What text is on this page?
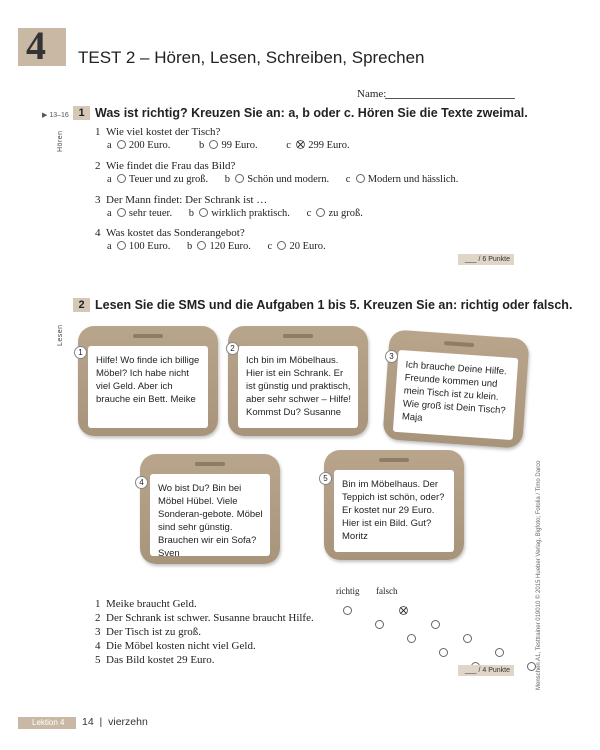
4 TEST 2 – Hören, Lesen, Schreiben, Sprechen
Name:
▶ 13–16 1 Was ist richtig? Kreuzen Sie an: a, b oder c. Hören Sie die Texte zweimal.
Hören	1 Wie viel kostet der Tisch?
a 200 Euro.	b 99 Euro.	c 299 Euro.
2 Wie findet die Frau das Bild?
a Teuer und zu groß. b Schön und modern. c Modern und hässlich.
3 Der Mann findet: Der Schrank ist …
a sehr teuer. b wirklich praktisch. c zu groß.
4 Was kostet das Sonderangebot?
a 100 Euro. b 120 Euro. c 20 Euro.
___ / 6 Punkte
2 Lesen Sie die SMS und die Aufgaben 1 bis 5. Kreuzen Sie an: richtig oder falsch.
Lesen
Hilfe! Wo finde ich billige Möbel? Ich habe nicht viel Geld. Aber ich brauche ein Bett. Meike
1
Ich bin im Möbelhaus. Hier ist ein Schrank. Er ist günstig und praktisch, aber sehr schwer – Hilfe! Kommst Du? Susanne
2
Ich brauche Deine Hilfe. Freunde kommen und mein Tisch ist zu klein. Wie groß ist Dein Tisch? Maja
3
Wo bist Du? Bin bei Möbel Hübel. Viele Sonderan-gebote. Möbel sind sehr günstig. Brauchen wir ein Sofa? Sven
4	Bin im Möbelhaus. Der Teppich ist schön, oder? Er kostet nur 29 Euro. Hier ist ein Bild. Gut? Moritz
5
richtig falsch
1 Meike braucht Geld.
2 Der Schrank ist schwer. Susanne braucht Hilfe.
3 Der Tisch ist zu groß.
4 Die Möbel kosten nicht viel Geld.
5 Das Bild kostet 29 Euro.

___ / 4 Punkte	Menschen A1, Testtrainer 019010 © 2015 Hueber Verlag, Bigfoto; Fotolia / Timo Darco
Lektion 4	14 | vierzehn
